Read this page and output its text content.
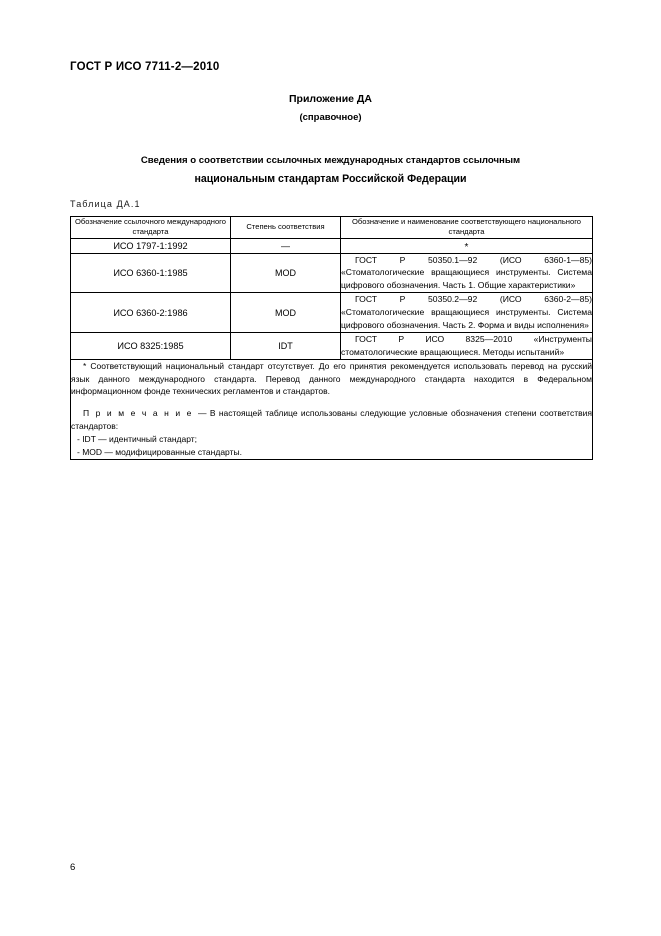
ГОСТ Р ИСО 7711-2—2010
Приложение ДА
(справочное)
Сведения о соответствии ссылочных международных стандартов ссылочным
национальным стандартам Российской Федерации
Таблица ДА.1
Обозначение ссылочного международного стандарта	Степень соответствия	Обозначение и наименование соответствующего национального стандарта
ИСО 1797-1:1992	—	*
ИСО 6360-1:1985	MOD	ГОСТ Р 50350.1—92 (ИСО 6360-1—85) «Стоматологические вращающиеся инструменты. Система цифрового обозначения. Часть 1. Общие характеристики»
ИСО 6360-2:1986	MOD	ГОСТ Р 50350.2—92 (ИСО 6360-2—85) «Стоматологические вращающиеся инструменты. Система цифрового обозначения. Часть 2. Форма и виды исполнения»
ИСО 8325:1985	IDT	ГОСТ Р ИСО 8325—2010 «Инструменты стоматологические вращающиеся. Методы испытаний»

* Соответствующий национальный стандарт отсутствует. До его принятия рекомендуется использовать перевод на русский язык данного международного стандарта. Перевод данного международного стандарта находится в Федеральном информационном фонде технических регламентов и стандартов.

П р и м е ч а н и е — В настоящей таблице использованы следующие условные обозначения степени соответствия стандартов:

- IDT — идентичный стандарт;

- MOD — модифицированные стандарты.		

6
